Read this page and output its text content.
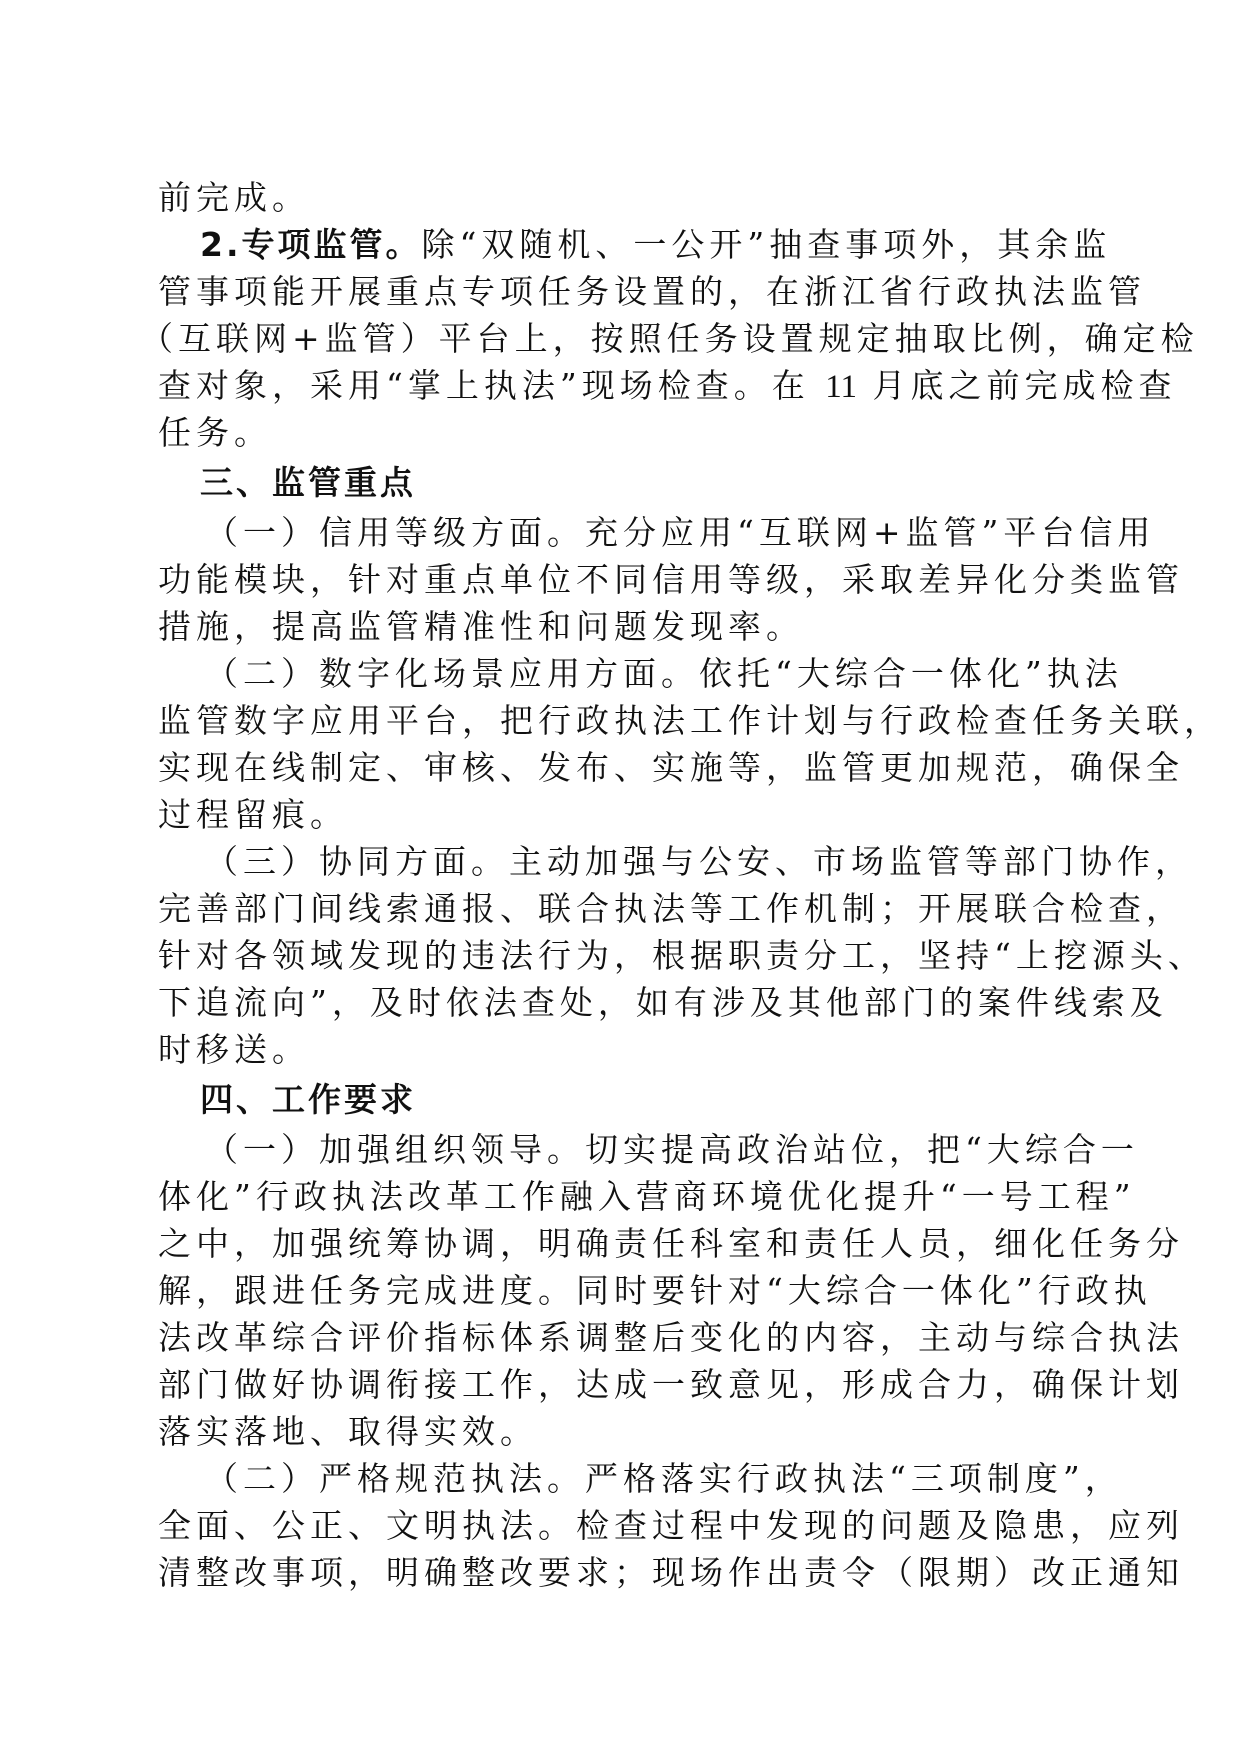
前完成。
2.专项监管。除“双随机、一公开”抽查事项外，其余监
管事项能开展重点专项任务设置的，在浙江省行政执法监管
（互联网+监管）平台上，按照任务设置规定抽取比例，确定检
查对象，采用“掌上执法”现场检查。在 11 月底之前完成检查
任务。
三、监管重点
（一）信用等级方面。充分应用“互联网+监管”平台信用
功能模块，针对重点单位不同信用等级，采取差异化分类监管
措施，提高监管精准性和问题发现率。
（二）数字化场景应用方面。依托“大综合一体化”执法
监管数字应用平台，把行政执法工作计划与行政检查任务关联，
实现在线制定、审核、发布、实施等，监管更加规范，确保全
过程留痕。
（三）协同方面。主动加强与公安、市场监管等部门协作，
完善部门间线索通报、联合执法等工作机制；开展联合检查，
针对各领域发现的违法行为，根据职责分工，坚持“上挖源头、
下追流向”，及时依法查处，如有涉及其他部门的案件线索及
时移送。
四、工作要求
（一）加强组织领导。切实提高政治站位，把“大综合一
体化”行政执法改革工作融入营商环境优化提升“一号工程”
之中，加强统筹协调，明确责任科室和责任人员，细化任务分
解，跟进任务完成进度。同时要针对“大综合一体化”行政执
法改革综合评价指标体系调整后变化的内容，主动与综合执法
部门做好协调衔接工作，达成一致意见，形成合力，确保计划
落实落地、取得实效。
（二）严格规范执法。严格落实行政执法“三项制度”，
全面、公正、文明执法。检查过程中发现的问题及隐患，应列
清整改事项，明确整改要求；现场作出责令（限期）改正通知
